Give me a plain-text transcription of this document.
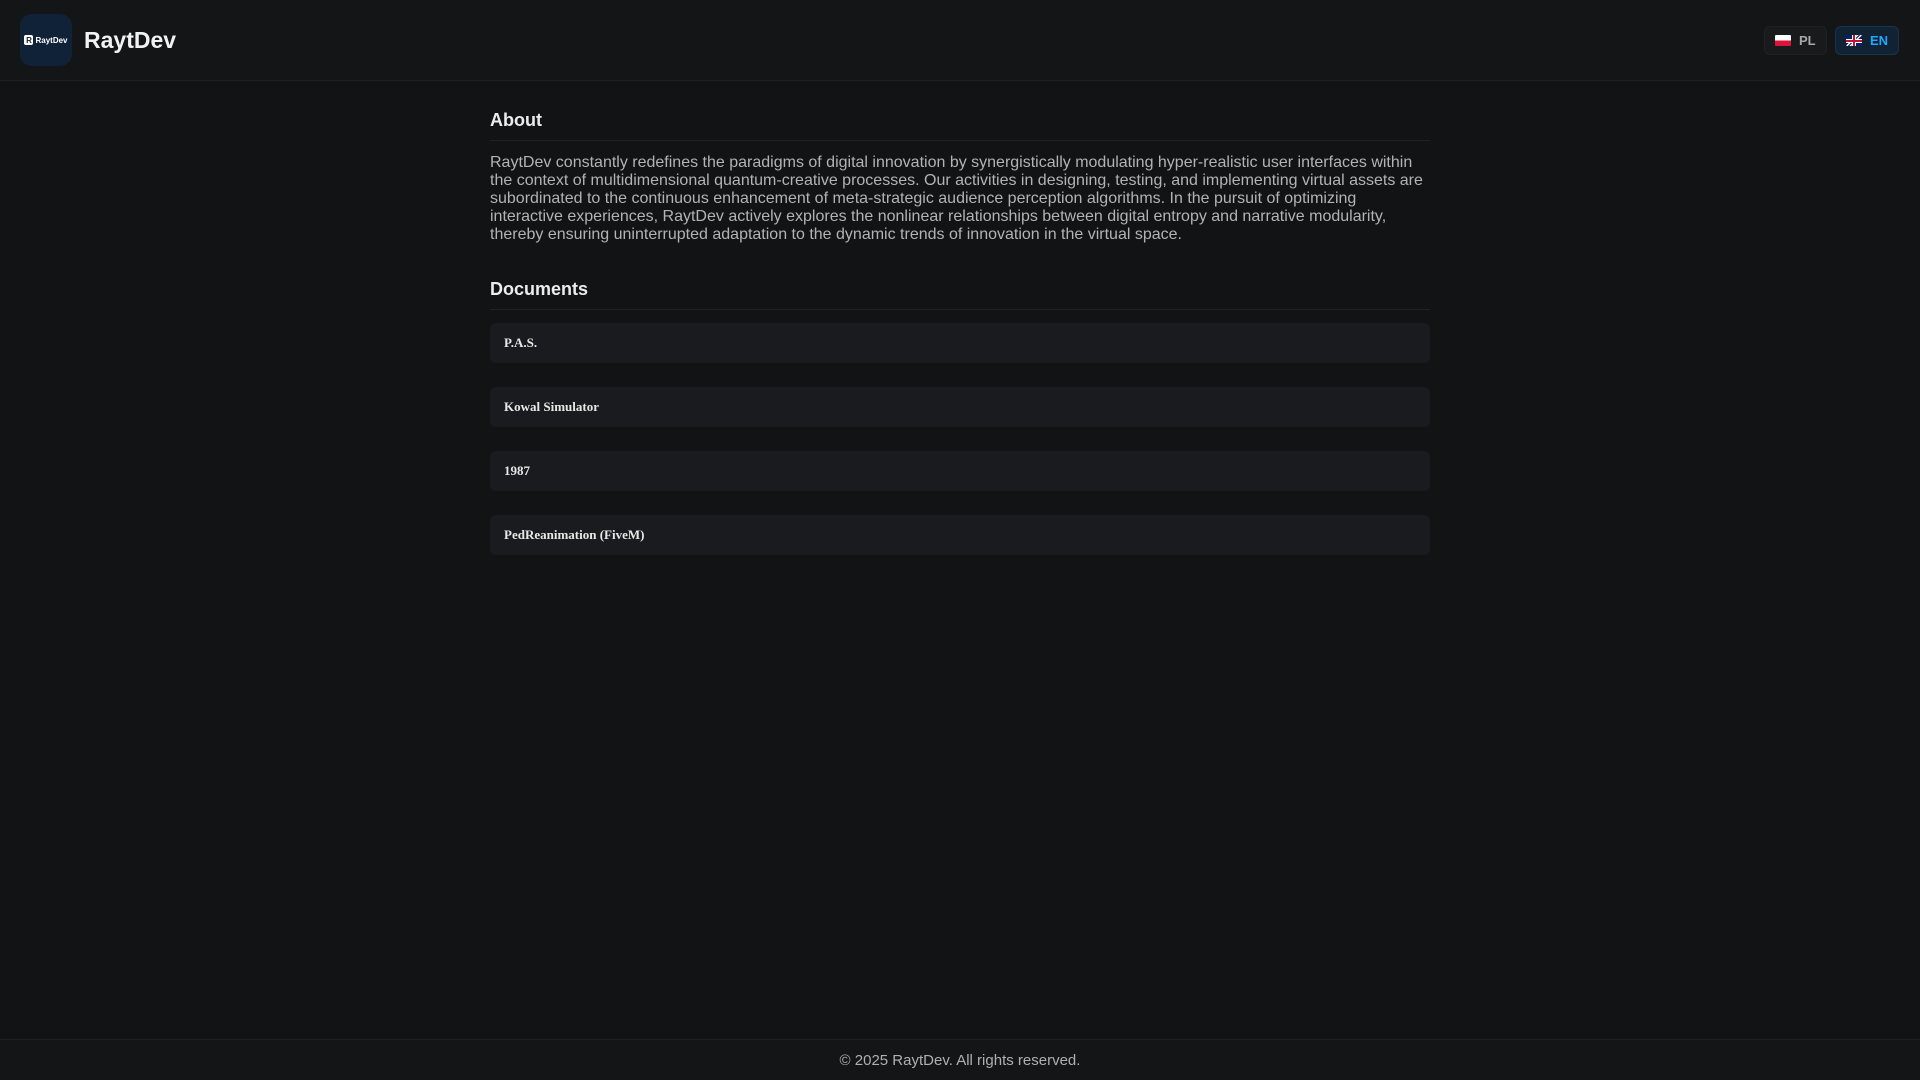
R RaytDev RaytDev	PL	EN
About

RaytDev constantly redefines the paradigms of digital innovation by synergistically modulating hyper-realistic user interfaces within the context of multidimensional quantum-creative processes. Our activities in designing, testing, and implementing virtual assets are subordinated to the continuous enhancement of meta-strategic audience perception algorithms. In the pursuit of optimizing interactive experiences, RaytDev actively explores the nonlinear relationships between digital entropy and narrative modularity, thereby ensuring uninterrupted adaptation to the dynamic trends of innovation in the virtual space.

Documents
P.A.S.
Kowal Simulator
1987
PedReanimation (FiveM)
© 2025 RaytDev. All rights reserved.
